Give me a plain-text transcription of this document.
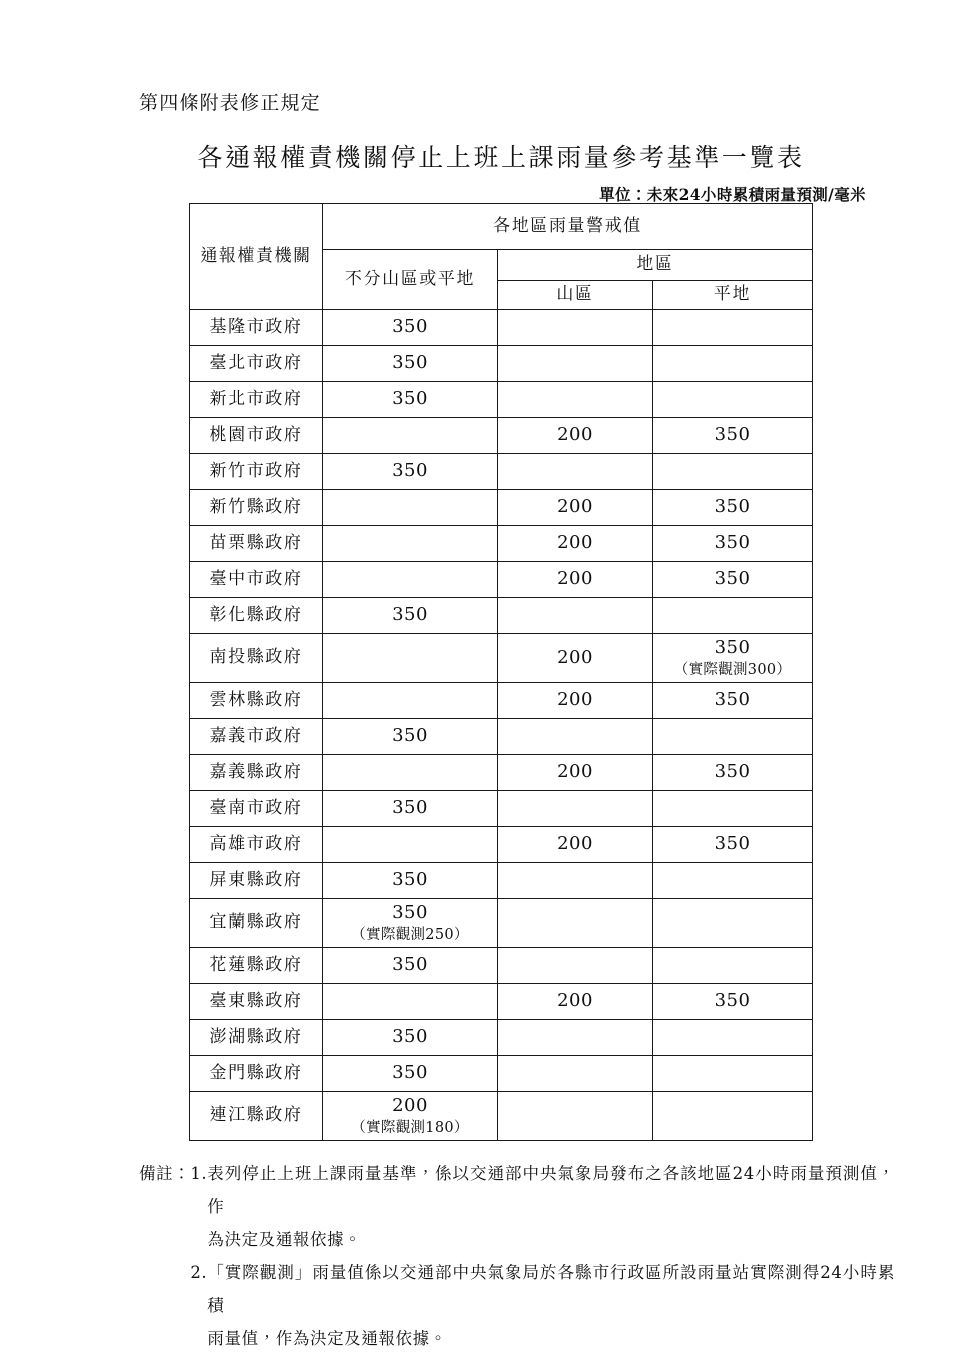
第四條附表修正規定
各通報權責機關停止上班上課雨量參考基準一覽表
單位：未來24小時累積雨量預測/毫米
通報權責機關	各地區雨量警戒值		
	不分山區或平地	地區	
		山區	平地
基隆市政府	350		
臺北市政府	350		
新北市政府	350		
桃園市政府		200	350
新竹市政府	350		
新竹縣政府		200	350
苗栗縣政府		200	350
臺中市政府		200	350
彰化縣政府	350		
南投縣政府		200	350
（實際觀測300）

雲林縣政府		200	350
嘉義市政府	350		
嘉義縣政府		200	350
臺南市政府	350		
高雄市政府		200	350
屏東縣政府	350		
宜蘭縣政府	350
（實際觀測250）		

花蓮縣政府	350		
臺東縣政府		200	350
澎湖縣政府	350		
金門縣政府	350		
連江縣政府	200
（實際觀測180）		

備註： 1. 表列停止上班上課雨量基準，係以交通部中央氣象局發布之各該地區24小時雨量預測值，作

為決定及通報依據。

2. 「實際觀測」雨量值係以交通部中央氣象局於各縣市行政區所設雨量站實際測得24小時累積

雨量值，作為決定及通報依據。
